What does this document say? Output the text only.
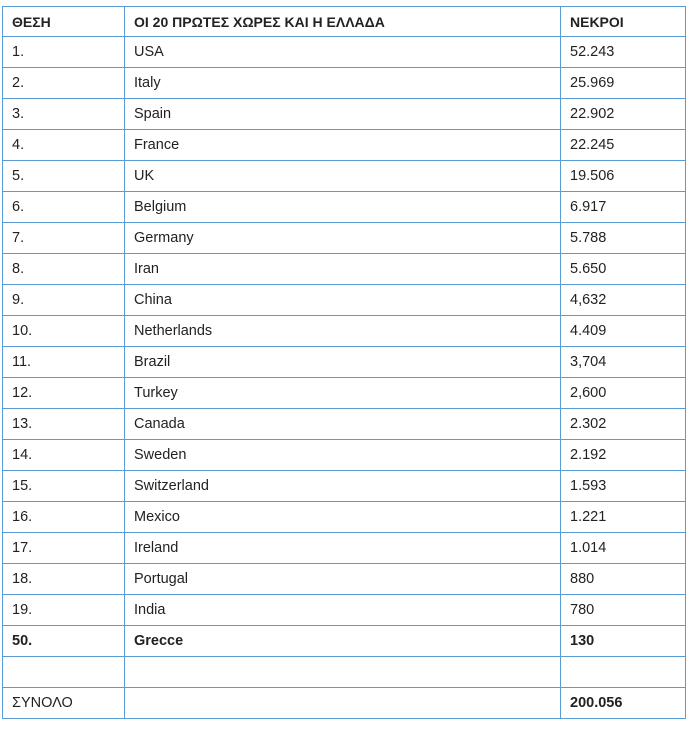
ΘΕΣΗ	ΟΙ 20 ΠΡΩΤΕΣ ΧΩΡΕΣ ΚΑΙ Η ΕΛΛΑΔΑ	ΝΕΚΡΟΙ
1.	USA	52.243
2.	Italy	25.969
3.	Spain	22.902
4.	France	22.245
5.	UK	19.506
6.	Belgium	6.917
7.	Germany	5.788
8.	Iran	5.650
9.	China	4,632
10.	Netherlands	4.409
11.	Brazil	3,704
12.	Turkey	2,600
13.	Canada	2.302
14.	Sweden	2.192
15.	Switzerland	1.593
16.	Mexico	1.221
17.	Ireland	1.014
18.	Portugal	880
19.	India	780
50.	Grecce	130

ΣΥΝΟΛΟ		200.056
